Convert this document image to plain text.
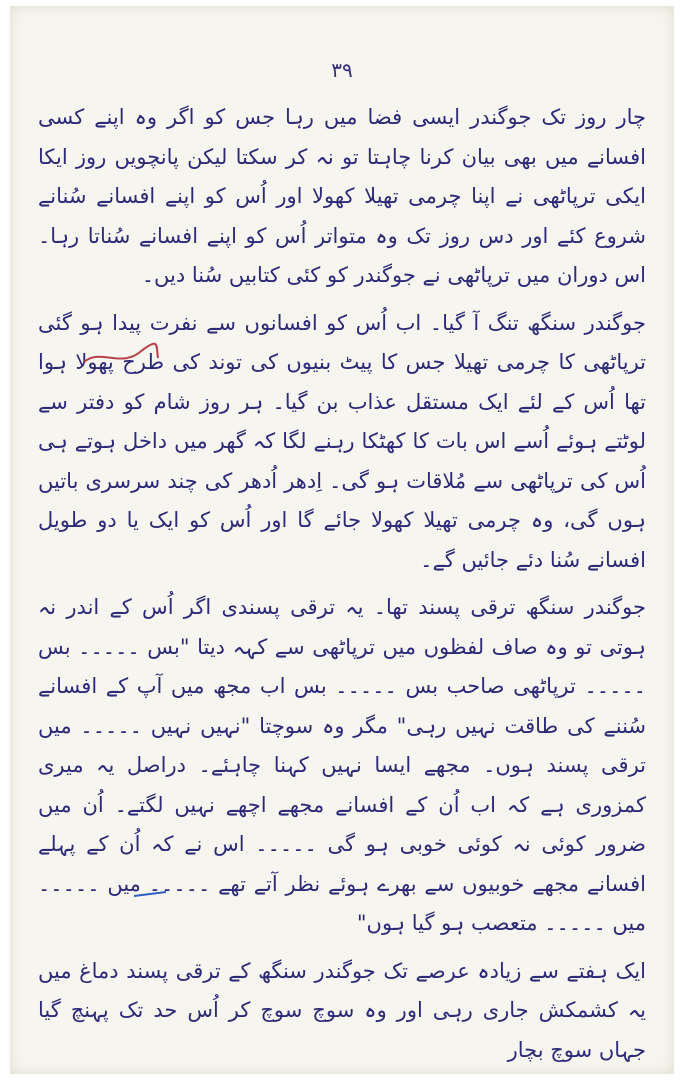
۳۹

چار روز تک جوگندر ایسی فضا میں رہا جس کو اگر وہ اپنے کسی افسانے میں بھی بیان کرنا چاہتا تو نہ کر سکتا لیکن پانچویں روز ایکا ایکی ترپاٹھی نے اپنا چرمی تھیلا کھولا اور اُس کو اپنے افسانے سُنانے شروع کئے اور دس روز تک وہ متواتر اُس کو اپنے افسانے سُناتا رہا۔ اس دوران میں ترپاٹھی نے جوگندر کو کئی کتابیں سُنا دیں۔

جوگندر سنگھ تنگ آ گیا۔ اب اُس کو افسانوں سے نفرت پیدا ہو گئی ترپاٹھی کا چرمی تھیلا جس کا پیٹ بنیوں کی توند کی طرح پھولا ہوا تھا اُس کے لئے ایک مستقل عذاب بن گیا۔ ہر روز شام کو دفتر سے لوٹتے ہوئے اُسے اس بات کا کھٹکا رہنے لگا کہ گھر میں داخل ہوتے ہی اُس کی ترپاٹھی سے مُلاقات ہو گی۔ اِدھر اُدھر کی چند سرسری باتیں ہوں گی، وہ چرمی تھیلا کھولا جائے گا اور اُس کو ایک یا دو طویل افسانے سُنا دئے جائیں گے۔

جوگندر سنگھ ترقی پسند تھا۔ یہ ترقی پسندی اگر اُس کے اندر نہ ہوتی تو وہ صاف لفظوں میں ترپاٹھی سے کہہ دیتا "بس ۔۔۔۔۔ بس ۔۔۔۔۔ ترپاٹھی صاحب بس ۔۔۔۔۔ بس اب مجھ میں آپ کے افسانے سُننے کی طاقت نہیں رہی" مگر وہ سوچتا "نہیں نہیں ۔۔۔۔۔ میں ترقی پسند ہوں۔ مجھے ایسا نہیں کہنا چاہئے۔ دراصل یہ میری کمزوری ہے کہ اب اُن کے افسانے مجھے اچھے نہیں لگتے۔ اُن میں ضرور کوئی نہ کوئی خوبی ہو گی ۔۔۔۔۔ اس نے کہ اُن کے پہلے افسانے مجھے خوبیوں سے بھرے ہوئے نظر آتے تھے ۔۔۔۔۔ میں ۔۔۔۔۔ میں ۔۔۔۔۔ متعصب ہو گیا ہوں"

ایک ہفتے سے زیادہ عرصے تک جوگندر سنگھ کے ترقی پسند دماغ میں یہ کشمکش جاری رہی اور وہ سوچ سوچ کر اُس حد تک پہنچ گیا جہاں سوچ بچار
